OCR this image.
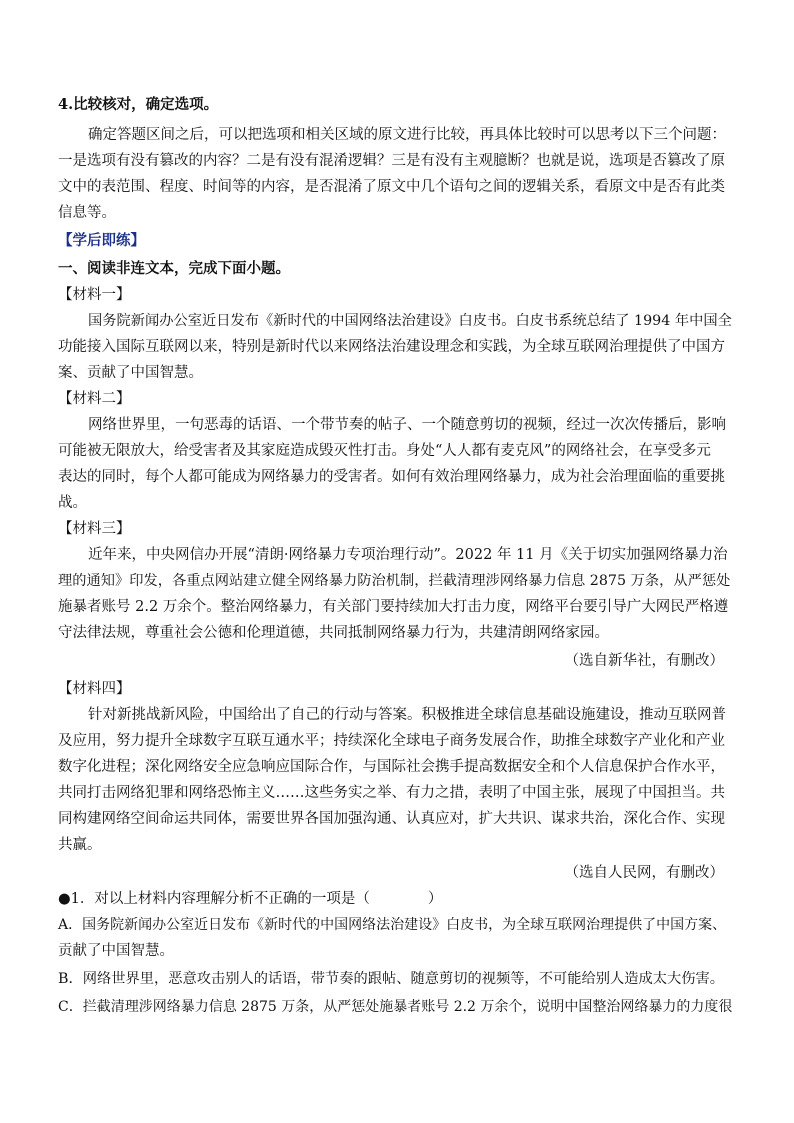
4.比较核对，确定选项。

确定答题区间之后，可以把选项和相关区域的原文进行比较，再具体比较时可以思考以下三个问题：

一是选项有没有篡改的内容？二是有没有混淆逻辑？三是有没有主观臆断？也就是说，选项是否篡改了原

文中的表范围、程度、时间等的内容，是否混淆了原文中几个语句之间的逻辑关系，看原文中是否有此类

信息等。

【学后即练】

一、阅读非连文本，完成下面小题。

【材料一】

国务院新闻办公室近日发布《新时代的中国网络法治建设》白皮书。白皮书系统总结了 1994 年中国全

功能接入国际互联网以来，特别是新时代以来网络法治建设理念和实践，为全球互联网治理提供了中国方

案、贡献了中国智慧。

【材料二】

网络世界里，一句恶毒的话语、一个带节奏的帖子、一个随意剪切的视频，经过一次次传播后，影响

可能被无限放大，给受害者及其家庭造成毁灭性打击。身处“人人都有麦克风”的网络社会，在享受多元

表达的同时，每个人都可能成为网络暴力的受害者。如何有效治理网络暴力，成为社会治理面临的重要挑

战。

【材料三】

近年来，中央网信办开展“清朗·网络暴力专项治理行动”。2022 年 11 月《关于切实加强网络暴力治

理的通知》印发，各重点网站建立健全网络暴力防治机制，拦截清理涉网络暴力信息 2875 万条，从严惩处

施暴者账号 2.2 万余个。整治网络暴力，有关部门要持续加大打击力度，网络平台要引导广大网民严格遵

守法律法规，尊重社会公德和伦理道德，共同抵制网络暴力行为，共建清朗网络家园。

（选自新华社，有删改）

【材料四】

针对新挑战新风险，中国给出了自己的行动与答案。积极推进全球信息基础设施建设，推动互联网普

及应用，努力提升全球数字互联互通水平；持续深化全球电子商务发展合作，助推全球数字产业化和产业

数字化进程；深化网络安全应急响应国际合作，与国际社会携手提高数据安全和个人信息保护合作水平，

共同打击网络犯罪和网络恐怖主义……这些务实之举、有力之措，表明了中国主张，展现了中国担当。共

同构建网络空间命运共同体，需要世界各国加强沟通、认真应对，扩大共识、谋求共治，深化合作、实现

共赢。

（选自人民网，有删改）

●1．对以上材料内容理解分析不正确的一项是（　　　　）

A．国务院新闻办公室近日发布《新时代的中国网络法治建设》白皮书，为全球互联网治理提供了中国方案、

贡献了中国智慧。

B．网络世界里，恶意攻击别人的话语，带节奏的跟帖、随意剪切的视频等，不可能给别人造成太大伤害。

C．拦截清理涉网络暴力信息 2875 万条，从严惩处施暴者账号 2.2 万余个，说明中国整治网络暴力的力度很
